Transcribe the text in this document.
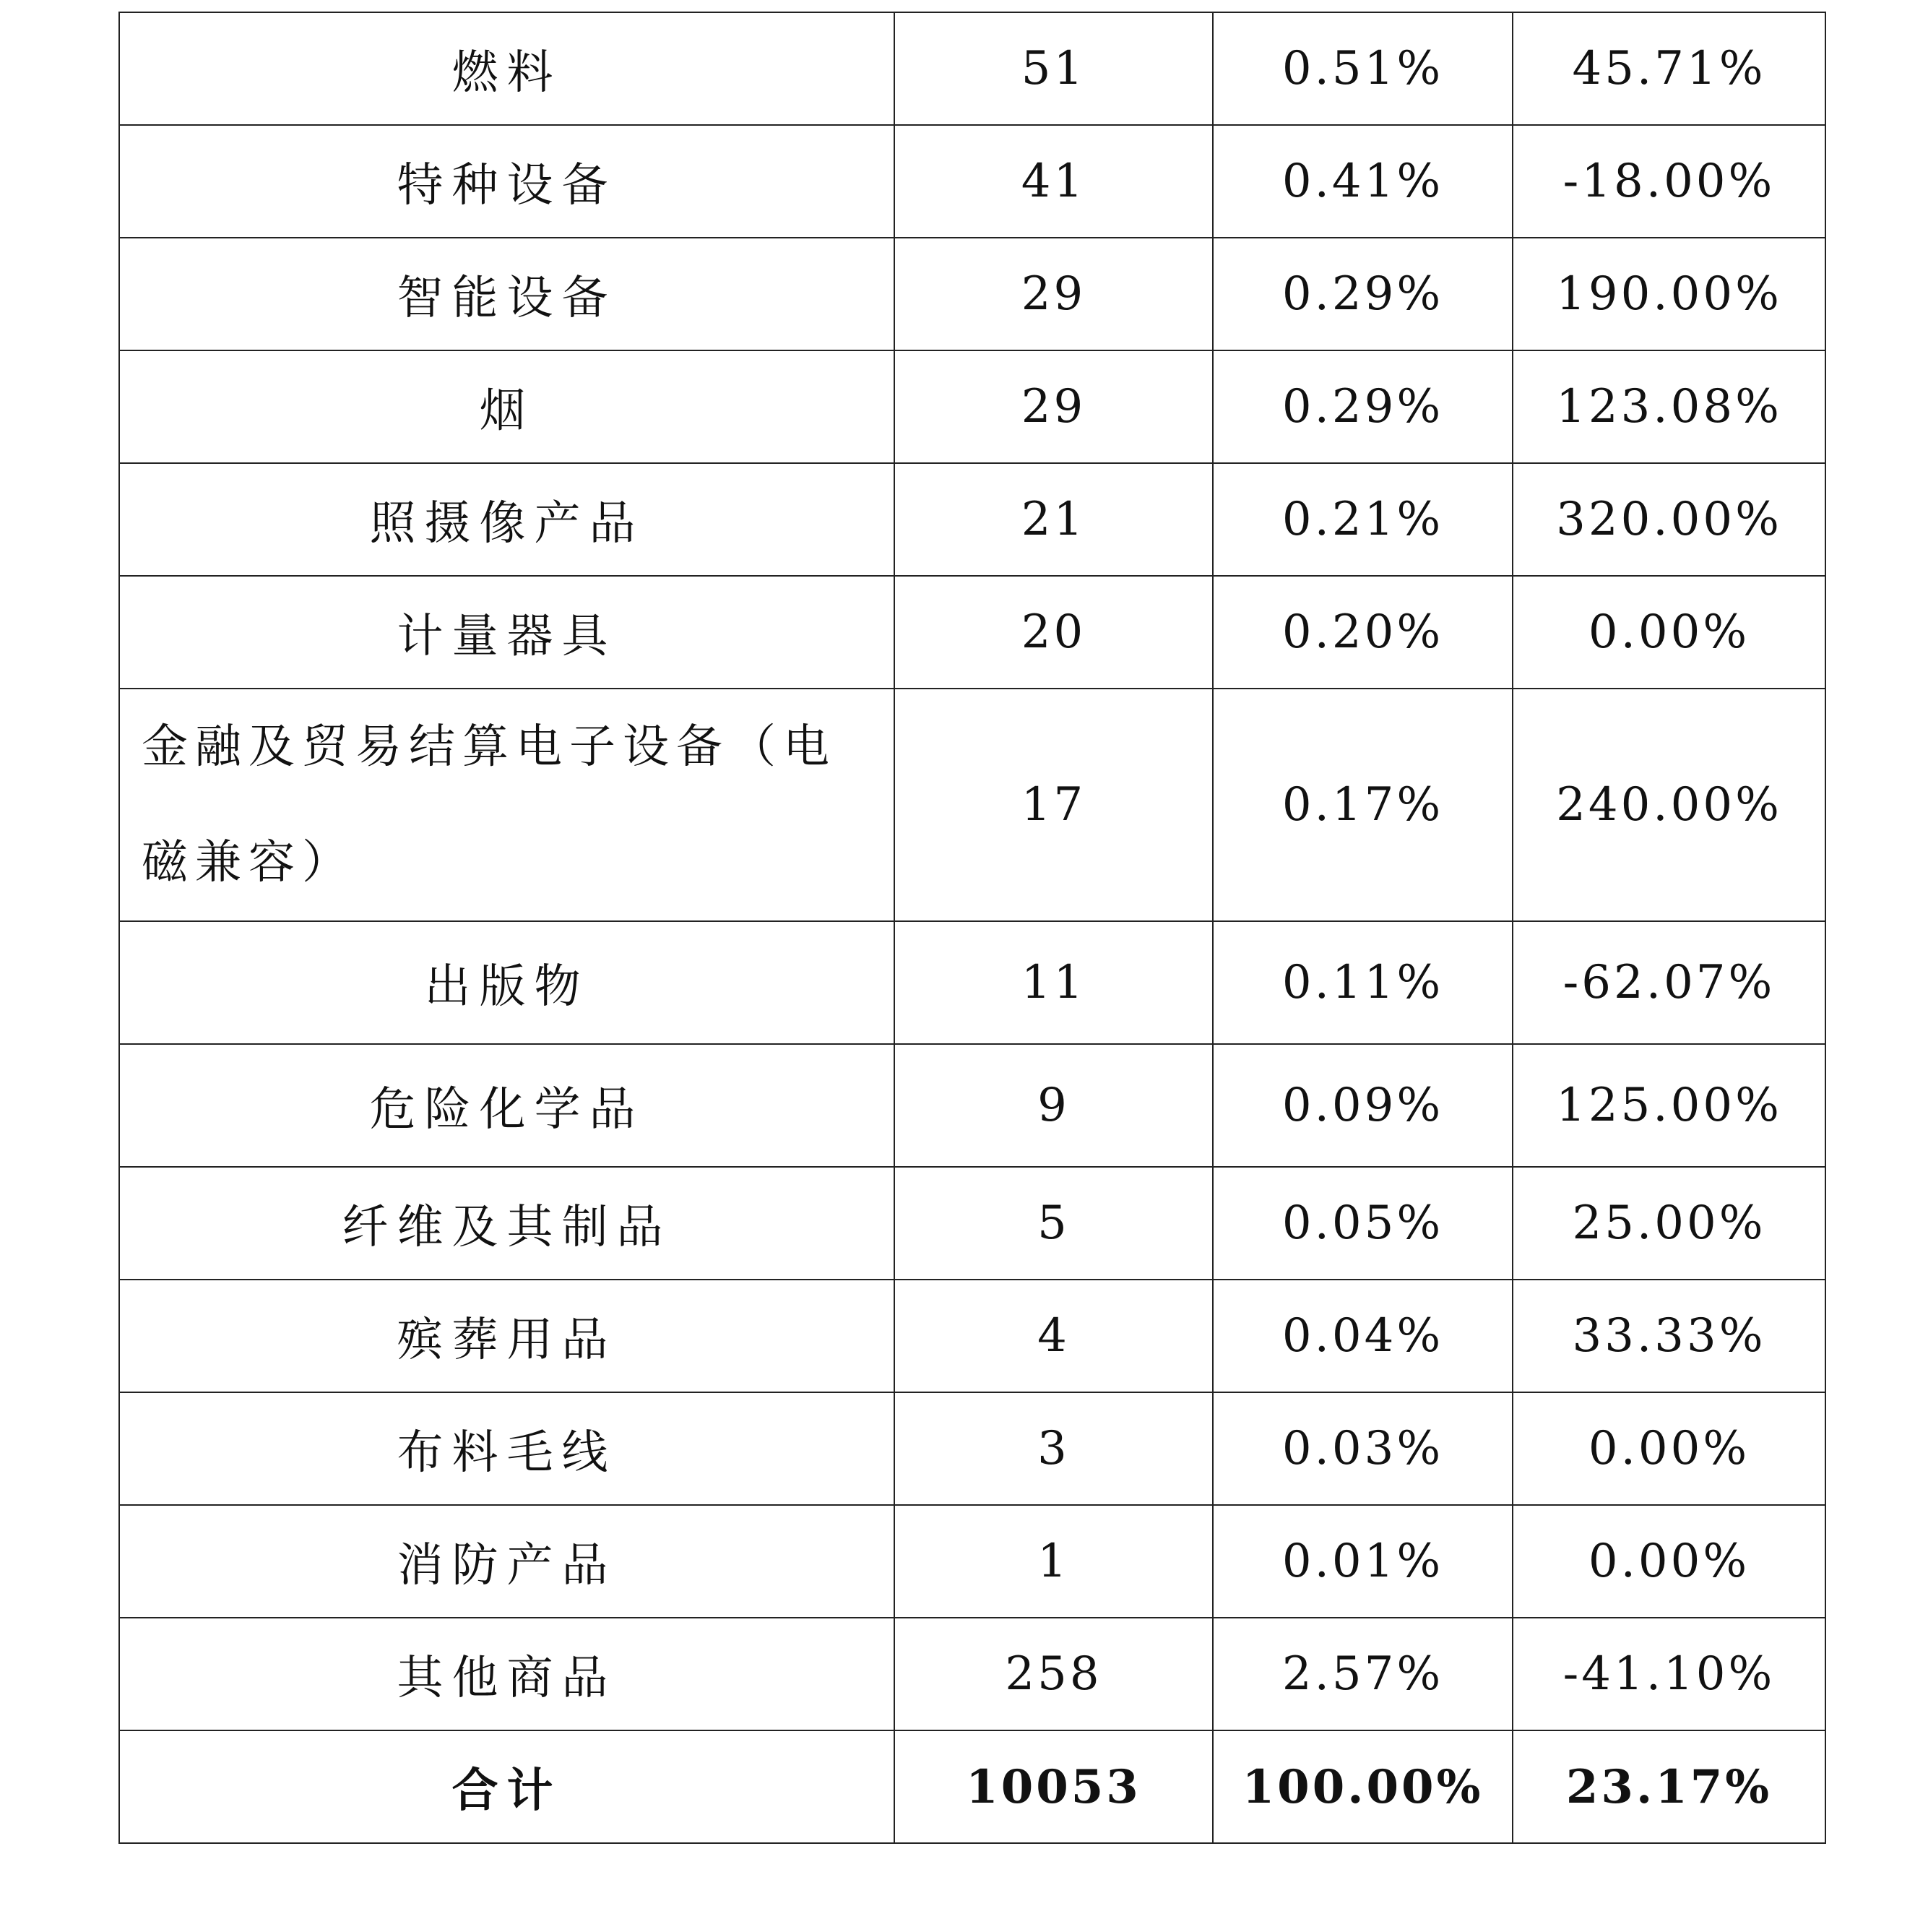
燃料	51	0.51%	45.71%
特种设备	41	0.41%	-18.00%
智能设备	29	0.29%	190.00%
烟	29	0.29%	123.08%
照摄像产品	21	0.21%	320.00%
计量器具	20	0.20%	0.00%
金融及贸易结算电子设备（电磁兼容）	17	0.17%	240.00%
出版物	11	0.11%	-62.07%
危险化学品	9	0.09%	125.00%
纤维及其制品	5	0.05%	25.00%
殡葬用品	4	0.04%	33.33%
布料毛线	3	0.03%	0.00%
消防产品	1	0.01%	0.00%
其他商品	258	2.57%	-41.10%
合计	10053	100.00%	23.17%
